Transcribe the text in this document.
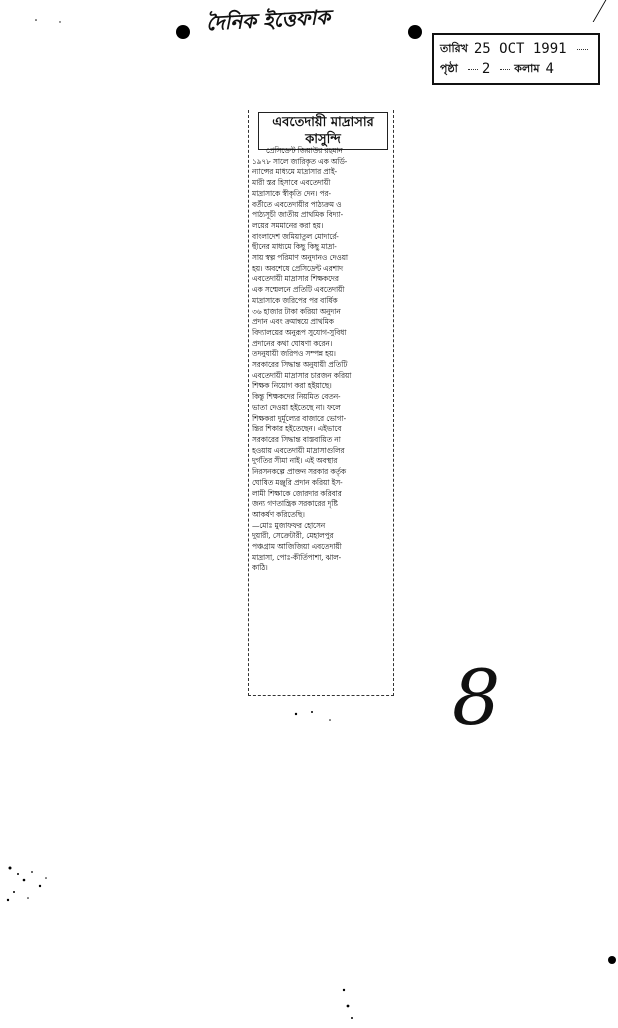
দৈনিক ইত্তেফাক
তারিখ 25 OCT 1991
পৃষ্ঠা 2 কলাম 4
এবতেদায়ী মাদ্রাসার
কাসুন্দি
প্রেসিডেন্ট জিয়াউর রহমান
১৯৭৮ সালে জারিকৃত এক অর্ডি-
ন্যান্সের মাধ্যমে মাদ্রাসার প্রাই-
মারী স্তর হিসাবে এবতেদায়ী
মাদ্রাসাকে স্বীকৃতি দেন। পর-
বর্তীতে এবতেদায়ীর পাঠ্যক্রম ও
পাঠ্যসূচী জাতীয় প্রাথমিক বিদ্যা-
লয়ের সমমানের করা হয়।
বাংলাদেশ জমিয়াতুল মোদার্রে-
ছীনের মাধ্যমে কিছু কিছু মাদ্রা-
সায় স্বল্প পরিমাণ অনুদানও দেওয়া
হয়। অবশেষে প্রেসিডেন্ট এরশাদ
এবতেদায়ী মাদ্রাসার শিক্ষকদের
এক সম্মেলনে প্রতিটি এবতেদায়ী
মাদ্রাসাকে জরিপের পর বার্ষিক
৩৬ হাজার টাকা করিয়া অনুদান
প্রদান এবং ক্রমান্বয়ে প্রাথমিক
বিদ্যালয়ের অনুরূপ সুযোগ-সুবিধা
প্রদানের কথা ঘোষণা করেন।
তদনুযায়ী জরিপও সম্পন্ন হয়।
সরকারের সিদ্ধান্ত অনুযায়ী প্রতিটি
এবতেদায়ী মাদ্রাসার চারজন করিয়া
শিক্ষক নিয়োগ করা হইয়াছে।
কিন্তু শিক্ষকদের নিয়মিত বেতন-
ভাতা দেওয়া হইতেছে না। ফলে
শিক্ষকরা দুর্মূল্যের বাজারে ভোগা-
ন্তির শিকার হইতেছেন। এইভাবে
সরকারের সিদ্ধান্ত বাস্তবায়িত না
হওয়ায় এবতেদায়ী মাদ্রাসাগুলির
দুর্গতির সীমা নাই। এই অবস্থার
নিরসনকল্পে প্রাক্তন সরকার কর্তৃক
ঘোষিত মঞ্জুরি প্রদান করিয়া ইস-
লামী শিক্ষাকে জোরদার করিবার
জন্য গণতান্ত্রিক সরকারের দৃষ্টি
আকর্ষণ করিতেছি।
—মোঃ মুজাফফর হোসেন
দুয়ারী, সেক্রেটারী, মেহালপুর
পঞ্চগ্রাম আজিজিয়া এবতেদায়ী
মাদ্রাসা, পোঃ-কীর্তিপাশা, ঝাল-
কাঠি।
8
